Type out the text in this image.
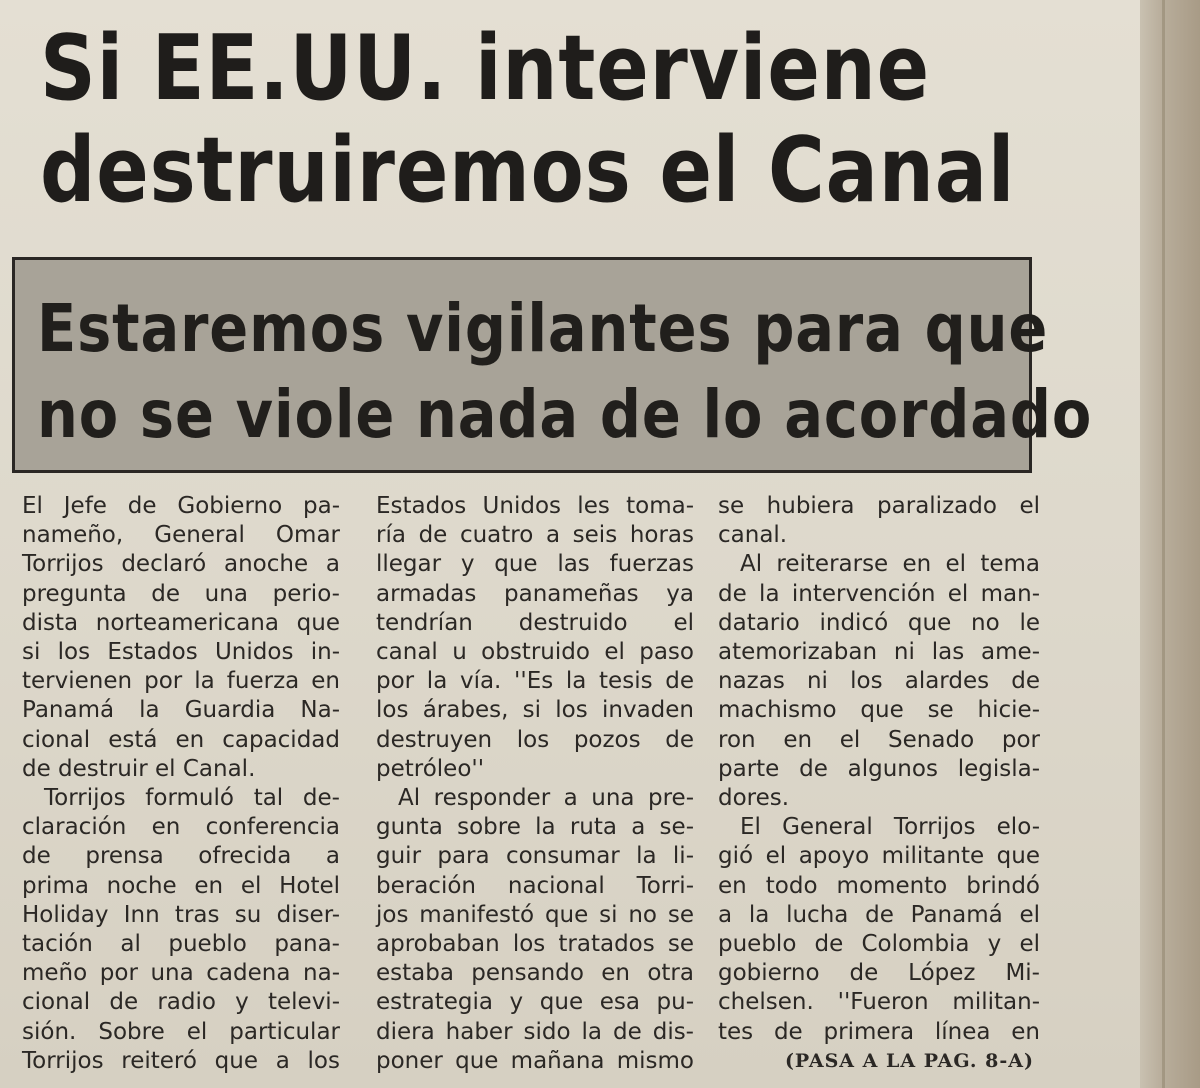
Si EE.UU. interviene
destruiremos el Canal
Estaremos vigilantes para que
no se viole nada de lo acordado
El Jefe de Gobierno pa-
nameño, General Omar
Torrijos declaró anoche a
pregunta de una perio-
dista norteamericana que
si los Estados Unidos in-
tervienen por la fuerza en
Panamá la Guardia Na-
cional está en capacidad
de destruir el Canal.
Torrijos formuló tal de-
claración en conferencia
de prensa ofrecida a
prima noche en el Hotel
Holiday Inn tras su diser-
tación al pueblo pana-
meño por una cadena na-
cional de radio y televi-
sión. Sobre el particular
Torrijos reiteró que a los
Estados Unidos les toma-
ría de cuatro a seis horas
llegar y que las fuerzas
armadas panameñas ya
tendrían destruido el
canal u obstruido el paso
por la vía. ''Es la tesis de
los árabes, si los invaden
destruyen los pozos de
petróleo''
Al responder a una pre-
gunta sobre la ruta a se-
guir para consumar la li-
beración nacional Torri-
jos manifestó que si no se
aprobaban los tratados se
estaba pensando en otra
estrategia y que esa pu-
diera haber sido la de dis-
poner que mañana mismo
se hubiera paralizado el
canal.
Al reiterarse en el tema
de la intervención el man-
datario indicó que no le
atemorizaban ni las ame-
nazas ni los alardes de
machismo que se hicie-
ron en el Senado por
parte de algunos legisla-
dores.
El General Torrijos elo-
gió el apoyo militante que
en todo momento brindó
a la lucha de Panamá el
pueblo de Colombia y el
gobierno de López Mi-
chelsen. ''Fueron militan-
tes de primera línea en
(PASA A LA PAG. 8-A)
